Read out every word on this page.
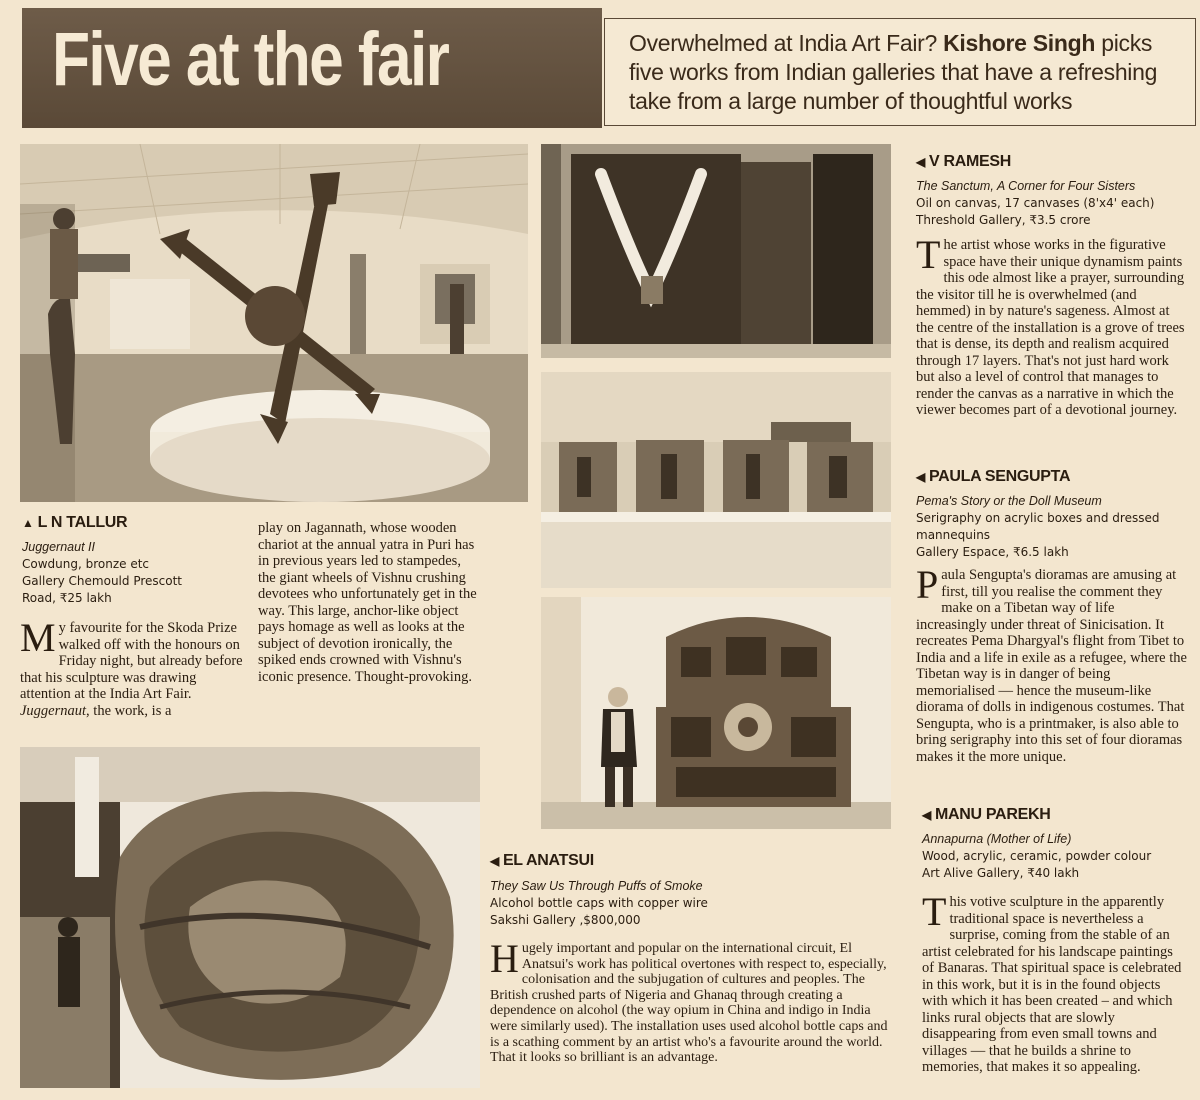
Five at the fair	Overwhelmed at India Art Fair? Kishore Singh picks five works from Indian galleries that have a refreshing take from a large number of thoughtful works
▲ L N TALLUR
Juggernaut II
Cowdung, bronze etc
Gallery Chemould Prescott Road, ₹25 lakh

My favourite for the Skoda Prize walked off with the honours on Friday night, but already before that his sculpture was drawing attention at the India Art Fair. Juggernaut, the work, is a

play on Jagannath, whose wooden chariot at the annual yatra in Puri has in previous years led to stampedes, the giant wheels of Vishnu crushing devotees who unfortunately get in the way. This large, anchor-like object pays homage as well as looks at the subject of devotion ironically, the spiked ends crowned with Vishnu's iconic presence. Thought-provoking.

◀ V RAMESH
The Sanctum, A Corner for Four Sisters
Oil on canvas, 17 canvases (8'x4' each)
Threshold Gallery, ₹3.5 crore

The artist whose works in the figurative space have their unique dynamism paints this ode almost like a prayer, surrounding the visitor till he is overwhelmed (and hemmed) in by nature's sageness. Almost at the centre of the installation is a grove of trees that is dense, its depth and realism acquired through 17 layers. That's not just hard work but also a level of control that manages to render the canvas as a narrative in which the viewer becomes part of a devotional journey.

◀ PAULA SENGUPTA
Pema's Story or the Doll Museum
Serigraphy on acrylic boxes and dressed mannequins
Gallery Espace, ₹6.5 lakh

Paula Sengupta's dioramas are amusing at first, till you realise the comment they make on a Tibetan way of life increasingly under threat of Sinicisation. It recreates Pema Dhargyal's flight from Tibet to India and a life in exile as a refugee, where the Tibetan way is in danger of being memorialised — hence the museum-like diorama of dolls in indigenous costumes. That Sengupta, who is a printmaker, is also able to bring serigraphy into this set of four dioramas makes it the more unique.

◀ MANU PAREKH
Annapurna (Mother of Life)
Wood, acrylic, ceramic, powder colour
Art Alive Gallery, ₹40 lakh

This votive sculpture in the apparently traditional space is nevertheless a surprise, coming from the stable of an artist celebrated for his landscape paintings of Banaras. That spiritual space is celebrated in this work, but it is in the found objects with which it has been created – and which links rural objects that are slowly disappearing from even small towns and villages — that he builds a shrine to memories, that makes it so appealing.

◀ EL ANATSUI
They Saw Us Through Puffs of Smoke
Alcohol bottle caps with copper wire
Sakshi Gallery ,$800,000

Hugely important and popular on the international circuit, El Anatsui's work has political overtones with respect to, especially, colonisation and the subjugation of cultures and peoples. The British crushed parts of Nigeria and Ghanaq through creating a dependence on alcohol (the way opium in China and indigo in India were similarly used). The installation uses used alcohol bottle caps and is a scathing comment by an artist who's a favourite around the world. That it looks so brilliant is an advantage.
